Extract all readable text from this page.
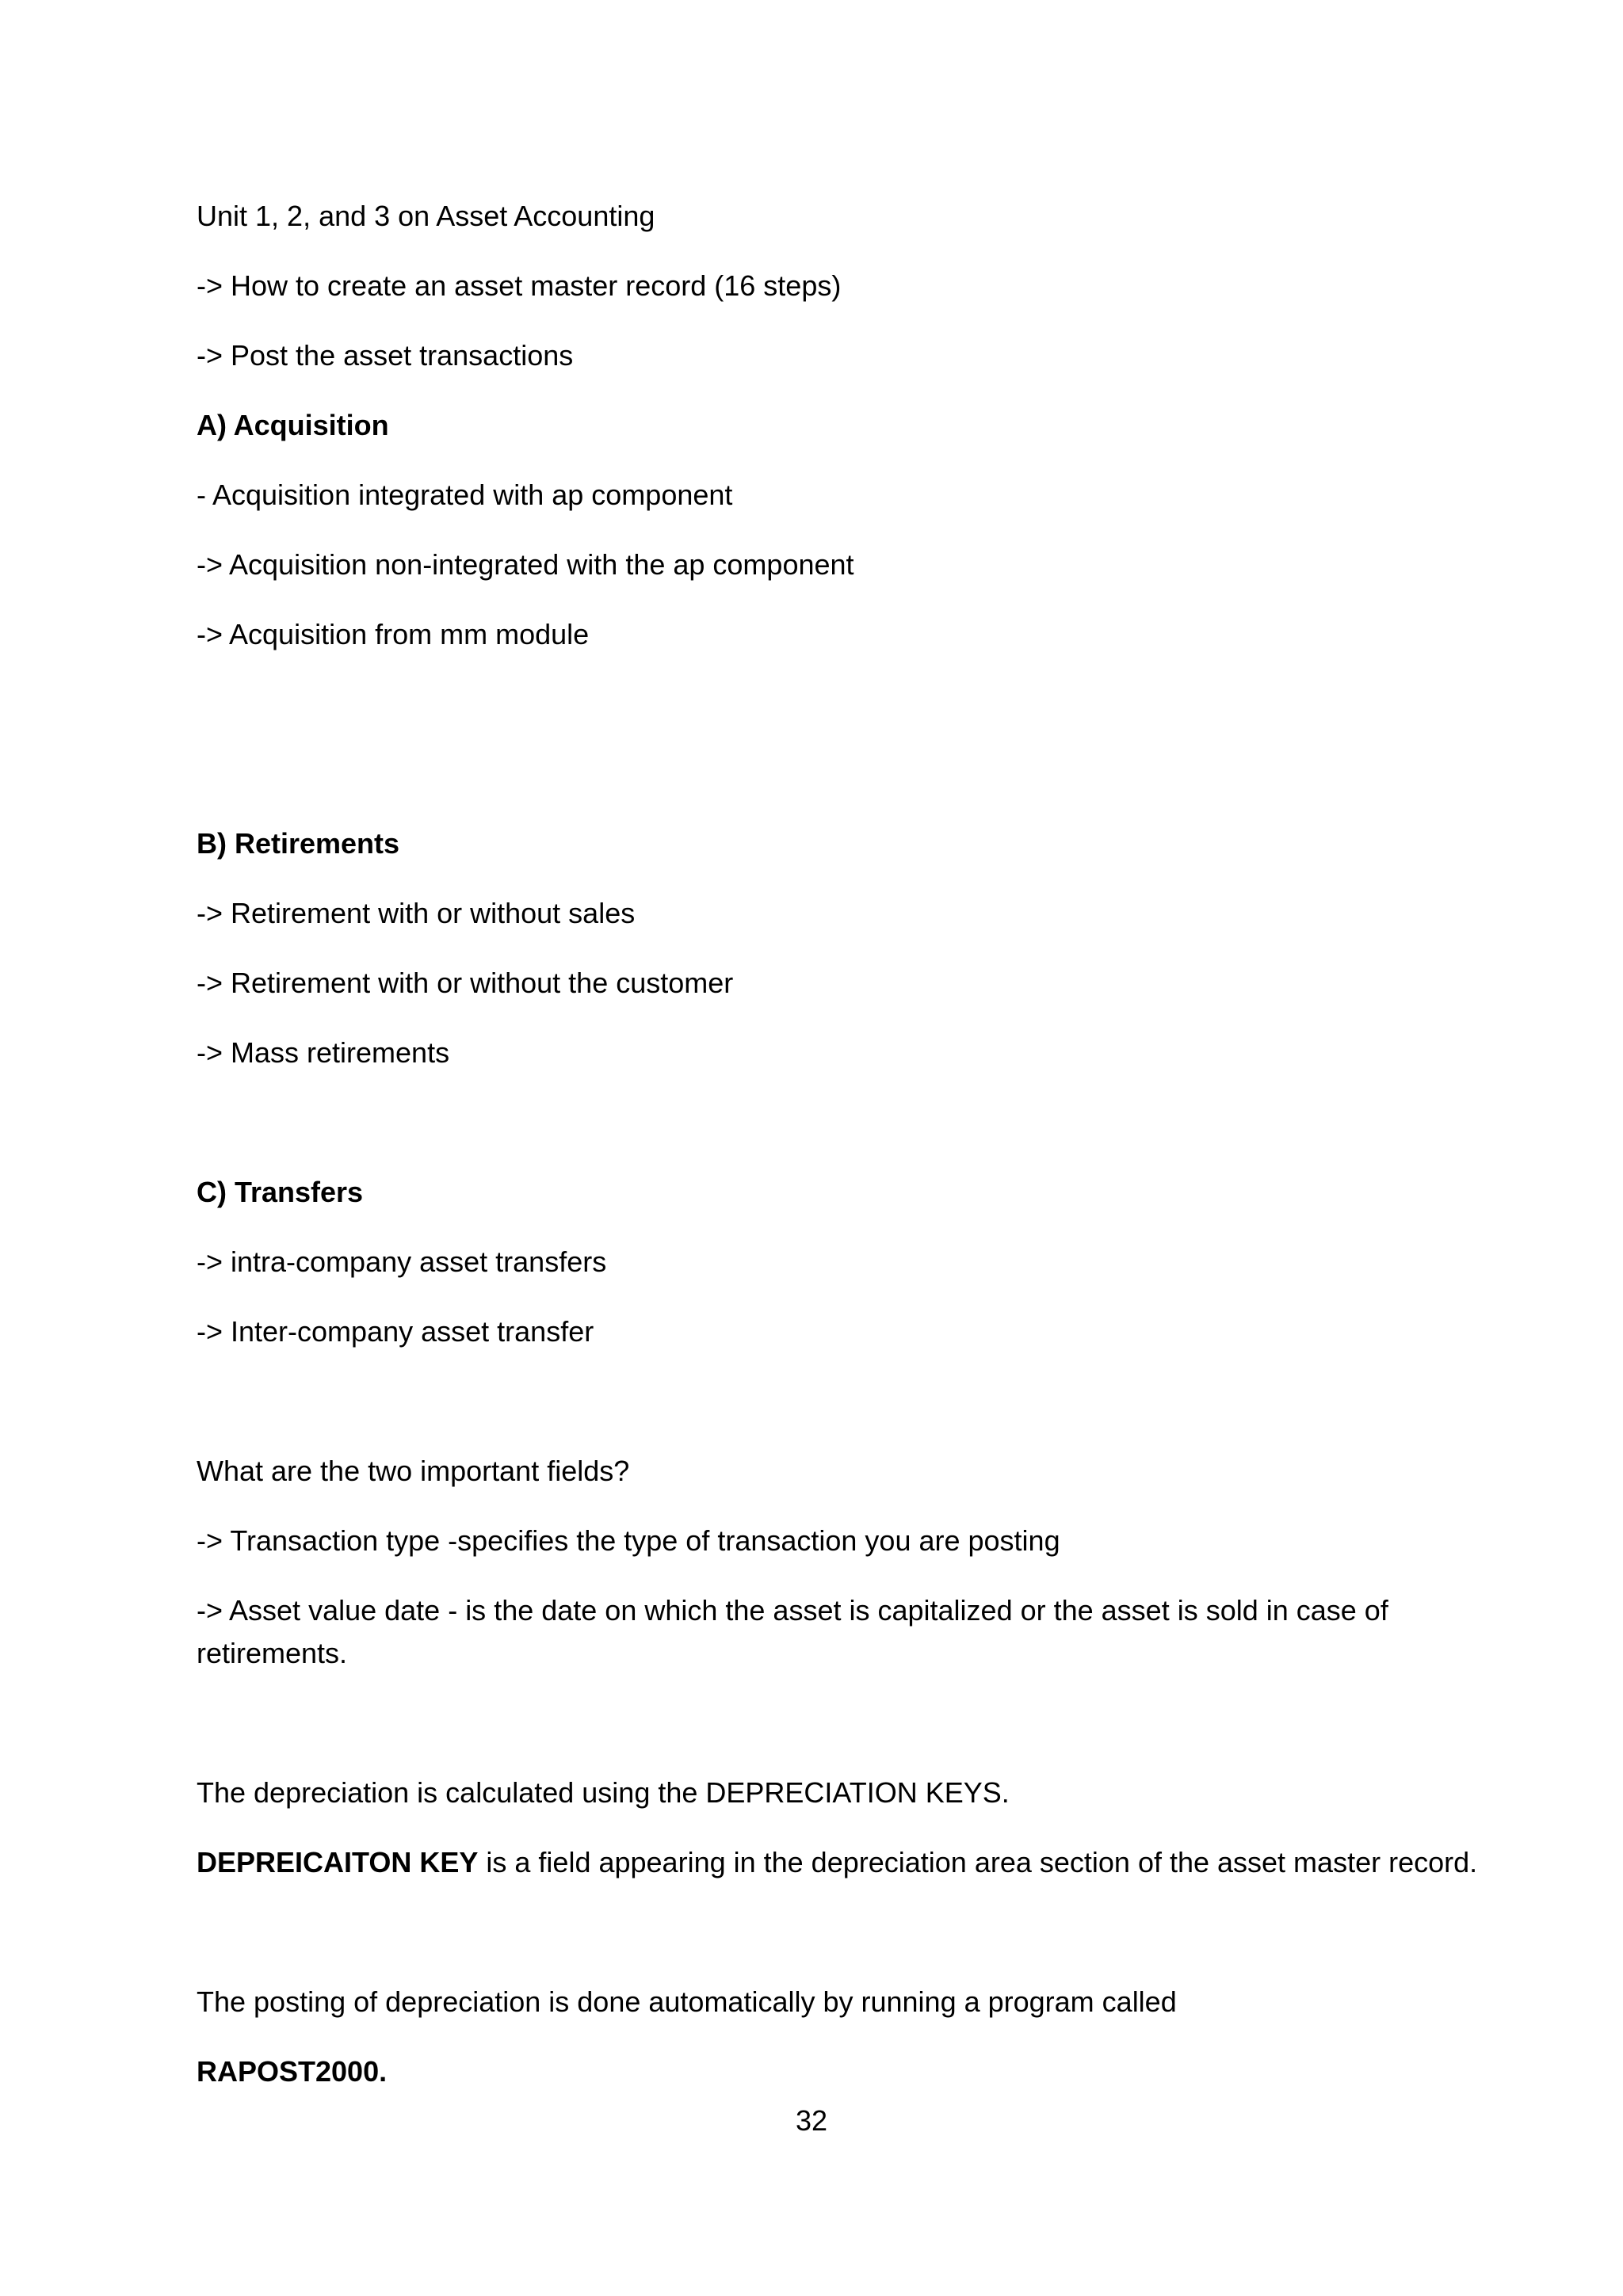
Unit 1, 2, and 3 on Asset Accounting
-> How to create an asset master record (16 steps)
-> Post the asset transactions
A) Acquisition
- Acquisition integrated with ap component
-> Acquisition non-integrated with the ap component
-> Acquisition from mm module
B) Retirements
-> Retirement with or without sales
-> Retirement with or without the customer
-> Mass retirements
C) Transfers
-> intra-company asset transfers
-> Inter-company asset transfer
What are the two important fields?
-> Transaction type -specifies the type of transaction you are posting
-> Asset value date - is the date on which the asset is capitalized or the asset is sold in case of retirements.
The depreciation is calculated using the DEPRECIATION KEYS.
DEPREICAITON KEY is a field appearing in the depreciation area section of the asset master record.
The posting of depreciation is done automatically by running a program called
RAPOST2000.
32
